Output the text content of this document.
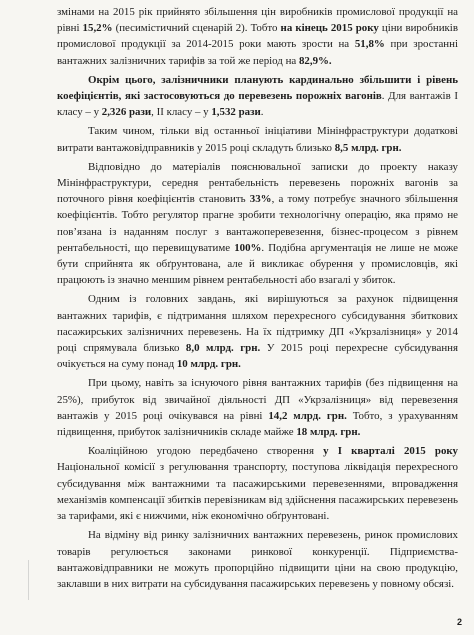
змінами на 2015 рік прийнято збільшення цін виробників промислової продукції на рівні 15,2% (песимістичний сценарій 2). Тобто на кінець 2015 року ціни виробників промислової продукції за 2014-2015 роки мають зрости на 51,8% при зростанні вантажних залізничних тарифів за той же період на 82,9%.

Окрім цього, залізничники планують кардинально збільшити і рівень коефіцієнтів, які застосовуються до перевезень порожніх вагонів. Для вантажів І класу – у 2,326 рази, ІІ класу – у 1,532 рази.

Таким чином, тільки від останньої ініціативи Мінінфраструктури додаткові витрати вантажовідправників у 2015 році складуть близько 8,5 млрд. грн.

Відповідно до матеріалів пояснювальної записки до проекту наказу Мінінфраструктури, середня рентабельність перевезень порожніх вагонів за поточного рівня коефіцієнтів становить 33%, а тому потребує значного збільшення коефіцієнтів. Тобто регулятор прагне зробити технологічну операцію, яка прямо не пов’язана із наданням послуг з вантажоперевезення, бізнес-процесом з рівнем рентабельності, що перевищуватиме 100%. Подібна аргументація не лише не може бути сприйнята як обґрунтована, але й викликає обурення у промисловців, які працюють із значно меншим рівнем рентабельності або взагалі у збиток.

Одним із головних завдань, які вирішуються за рахунок підвищення вантажних тарифів, є підтримання шляхом перехресного субсидування збиткових пасажирських залізничних перевезень. На їх підтримку ДП «Укрзалізниця» у 2014 році спрямувала близько 8,0 млрд. грн. У 2015 році перехресне субсидування очікується на суму понад 10 млрд. грн.

При цьому, навіть за існуючого рівня вантажних тарифів (без підвищення на 25%), прибуток від звичайної діяльності ДП «Укрзалізниця» від перевезення вантажів у 2015 році очікувався на рівні 14,2 млрд. грн. Тобто, з урахуванням підвищення, прибуток залізничників складе майже 18 млрд. грн.

Коаліційною угодою передбачено створення у І кварталі 2015 року Національної комісії з регулювання транспорту, поступова ліквідація перехресного субсидування між вантажними та пасажирськими перевезеннями, впровадження механізмів компенсації збитків перевізникам від здійснення пасажирських перевезень за тарифами, які є нижчими, ніж економічно обґрунтовані.

На відміну від ринку залізничних вантажних перевезень, ринок промислових товарів регулюється законами ринкової конкуренції. Підприємства-вантажовідправники не можуть пропорційно підвищити ціни на свою продукцію, заклавши в них витрати на субсидування пасажирських перевезень у повному обсязі.

2
